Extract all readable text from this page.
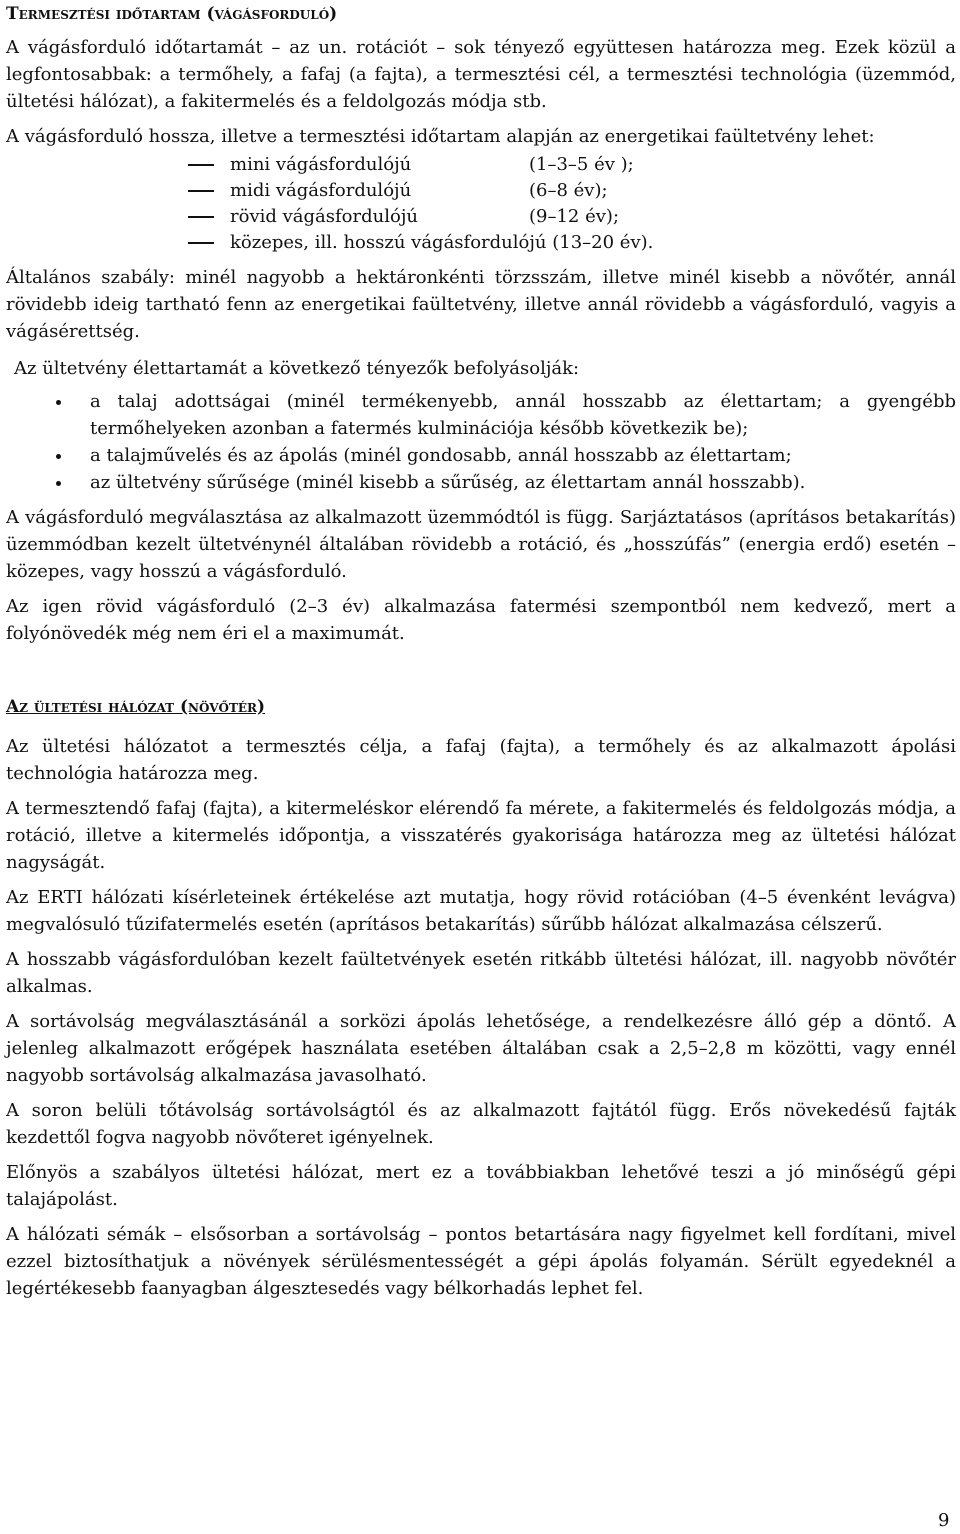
Termesztési időtartam (vágásforduló)

A vágásforduló időtartamát – az un. rotációt – sok tényező együttesen határozza meg. Ezek közül a legfontosabbak: a termőhely, a fafaj (a fajta), a termesztési cél, a termesztési technológia (üzemmód, ültetési hálózat), a fakitermelés és a feldolgozás módja stb.

A vágásforduló hossza, illetve a termesztési időtartam alapján az energetikai faültetvény lehet:

mini vágásfordulójú	(1–3–5 év );
midi vágásfordulójú	(6–8 év);
rövid vágásfordulójú	(9–12 év);
közepes, ill. hosszú vágásfordulójú (13–20 év).

Általános szabály: minél nagyobb a hektáronkénti törzsszám, illetve minél kisebb a növőtér, annál rövidebb ideig tartható fenn az energetikai faültetvény, illetve annál rövidebb a vágásforduló, vagyis a vágásérettség.

Az ültetvény élettartamát a következő tényezők befolyásolják:

a talaj adottságai (minél termékenyebb, annál hosszabb az élettartam; a gyengébb termőhelyeken azonban a fatermés kulminációja később következik be);
a talajművelés és az ápolás (minél gondosabb, annál hosszabb az élettartam;
az ültetvény sűrűsége (minél kisebb a sűrűség, az élettartam annál hosszabb).

A vágásforduló megválasztása az alkalmazott üzemmódtól is függ. Sarjáztatásos (aprításos betakarítás) üzemmódban kezelt ültetvénynél általában rövidebb a rotáció, és „hosszúfás” (energia erdő) esetén – közepes, vagy hosszú a vágásforduló.

Az igen rövid vágásforduló (2–3 év) alkalmazása fatermési szempontból nem kedvező, mert a folyónövedék még nem éri el a maximumát.

Az ültetési hálózat (növőtér)

Az ültetési hálózatot a termesztés célja, a fafaj (fajta), a termőhely és az alkalmazott ápolási technológia határozza meg.

A termesztendő fafaj (fajta), a kitermeléskor elérendő fa mérete, a fakitermelés és feldolgozás módja, a rotáció, illetve a kitermelés időpontja, a visszatérés gyakorisága határozza meg az ültetési hálózat nagyságát.

Az ERTI hálózati kísérleteinek értékelése azt mutatja, hogy rövid rotációban (4–5 évenként levágva) megvalósuló tűzifatermelés esetén (aprításos betakarítás) sűrűbb hálózat alkalmazása célszerű.

A hosszabb vágásfordulóban kezelt faültetvények esetén ritkább ültetési hálózat, ill. nagyobb növőtér alkalmas.

A sortávolság megválasztásánál a sorközi ápolás lehetősége, a rendelkezésre álló gép a döntő. A jelenleg alkalmazott erőgépek használata esetében általában csak a 2,5–2,8 m közötti, vagy ennél nagyobb sortávolság alkalmazása javasolható.

A soron belüli tőtávolság sortávolságtól és az alkalmazott fajtától függ. Erős növekedésű fajták kezdettől fogva nagyobb növőteret igényelnek.

Előnyös a szabályos ültetési hálózat, mert ez a továbbiakban lehetővé teszi a jó minőségű gépi talajápolást.

A hálózati sémák – elsősorban a sortávolság – pontos betartására nagy figyelmet kell fordítani, mivel ezzel biztosíthatjuk a növények sérülésmentességét a gépi ápolás folyamán. Sérült egyedeknél a legértékesebb faanyagban álgesztesedés vagy bélkorhadás lephet fel.

9
